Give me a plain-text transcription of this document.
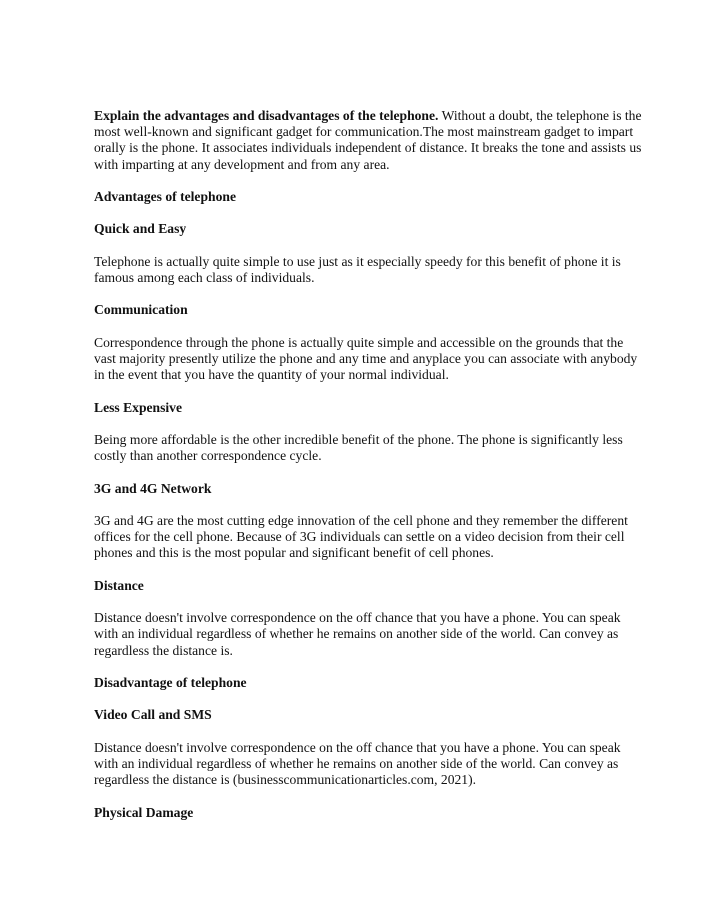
Explain the advantages and disadvantages of the telephone. Without a doubt, the telephone is the most well-known and significant gadget for communication.The most mainstream gadget to impart orally is the phone. It associates individuals independent of distance. It breaks the tone and assists us with imparting at any development and from any area.

Advantages of telephone

Quick and Easy

Telephone is actually quite simple to use just as it especially speedy for this benefit of phone it is famous among each class of individuals.

Communication

Correspondence through the phone is actually quite simple and accessible on the grounds that the vast majority presently utilize the phone and any time and anyplace you can associate with anybody in the event that you have the quantity of your normal individual.

Less Expensive

Being more affordable is the other incredible benefit of the phone. The phone is significantly less costly than another correspondence cycle.

3G and 4G Network

3G and 4G are the most cutting edge innovation of the cell phone and they remember the different offices for the cell phone. Because of 3G individuals can settle on a video decision from their cell phones and this is the most popular and significant benefit of cell phones.

Distance

Distance doesn't involve correspondence on the off chance that you have a phone. You can speak with an individual regardless of whether he remains on another side of the world. Can convey as regardless the distance is.

Disadvantage of telephone

Video Call and SMS

Distance doesn't involve correspondence on the off chance that you have a phone. You can speak with an individual regardless of whether he remains on another side of the world. Can convey as regardless the distance is (businesscommunicationarticles.com, 2021).

Physical Damage
